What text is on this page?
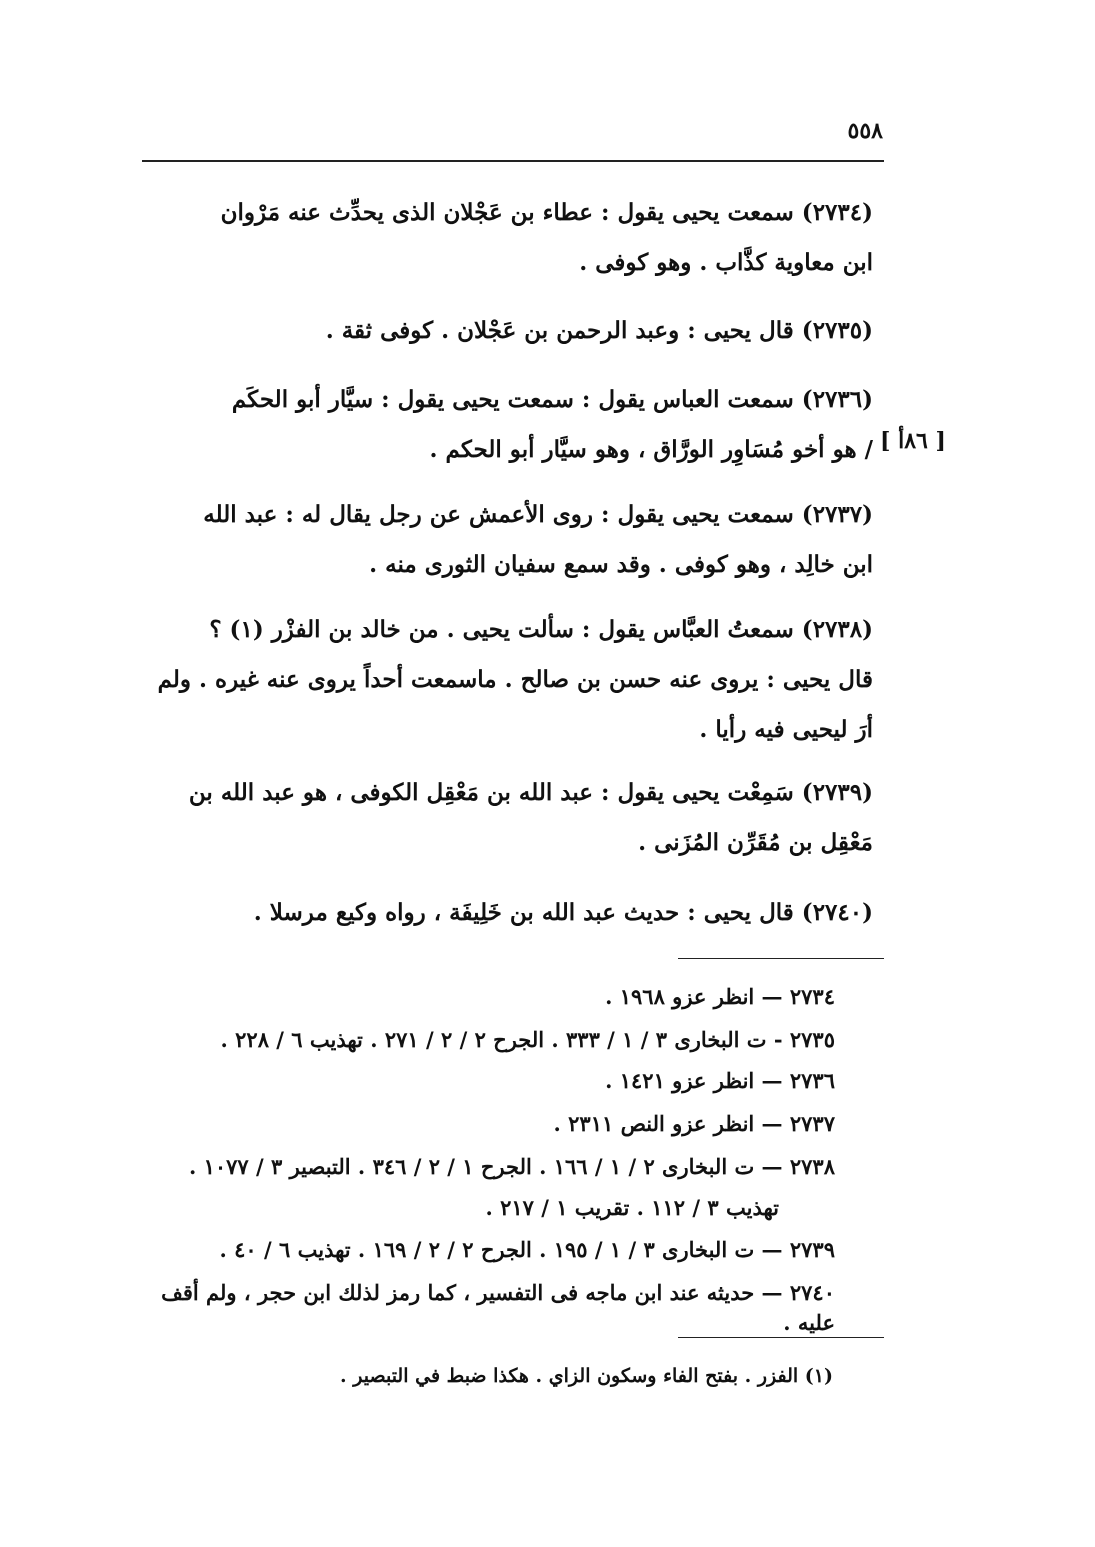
٥٥٨
[ ٨٦أ ]
(٢٧٣٤) سمعت يحيى يقول : عطاء بن عَجْلان الذى يحدِّث عنه مَرْوان
ابن معاوية كذَّاب . وهو كوفى .
(٢٧٣٥) قال يحيى : وعبد الرحمن بن عَجْلان . كوفى ثقة .
(٢٧٣٦) سمعت العباس يقول : سمعت يحيى يقول : سيَّار أبو الحكَم
/ هو أخو مُسَاوِر الورَّاق ، وهو سيَّار أبو الحكم .
(٢٧٣٧) سمعت يحيى يقول : روى الأعمش عن رجل يقال له : عبد الله
ابن خالِد ، وهو كوفى . وقد سمع سفيان الثورى منه .
(٢٧٣٨) سمعتُ العبَّاس يقول : سألت يحيى . من خالد بن الفزْر (١) ؟
قال يحيى : يروى عنه حسن بن صالح . ماسمعت أحداً يروى عنه غيره . ولم
أرَ ليحيى فيه رأيا .
(٢٧٣٩) سَمِعْت يحيى يقول : عبد الله بن مَعْقِل الكوفى ، هو عبد الله بن
مَعْقِل بن مُقَرِّن المُزَنى .
(٢٧٤٠) قال يحيى : حديث عبد الله بن خَلِيفَة ، رواه وكيع مرسلا .
٢٧٣٤ — انظر عزو ١٩٦٨ .
٢٧٣٥ - ت البخارى ٣ / ١ / ٣٣٣ . الجرح ٢ / ٢ / ٢٧١ . تهذيب ٦ / ٢٢٨ .
٢٧٣٦ — انظر عزو ١٤٢١ .
٢٧٣٧ — انظر عزو النص ٢٣١١ .
٢٧٣٨ — ت البخارى ٢ / ١ / ١٦٦ . الجرح ١ / ٢ / ٣٤٦ . التبصير ٣ / ١٠٧٧ .
تهذيب ٣ / ١١٢ . تقريب ١ / ٢١٧ .
٢٧٣٩ — ت البخارى ٣ / ١ / ١٩٥ . الجرح ٢ / ٢ / ١٦٩ . تهذيب ٦ / ٤٠ .
٢٧٤٠ — حديثه عند ابن ماجه فى التفسير ، كما رمز لذلك ابن حجر ، ولم أقف عليه .
(١) الفزر . بفتح الفاء وسكون الزاي . هكذا ضبط في التبصير .
